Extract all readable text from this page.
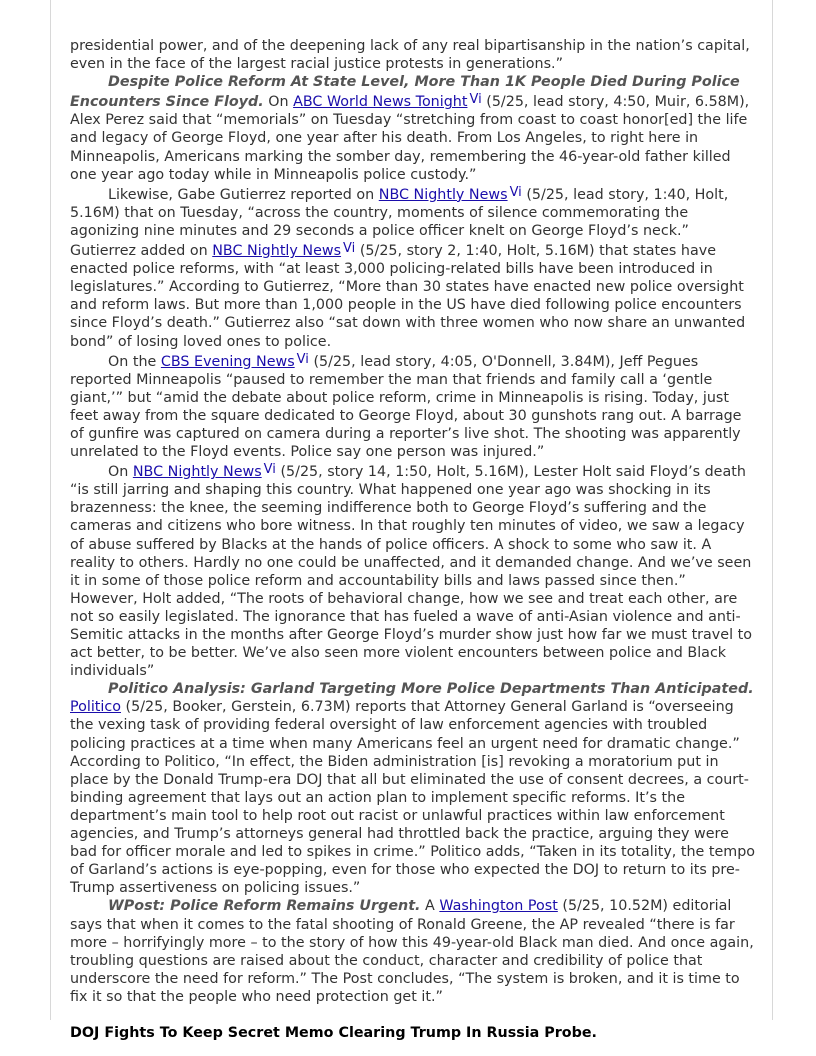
presidential power, and of the deepening lack of any real bipartisanship in the nation’s capital, even in the face of the largest racial justice protests in generations.”

Despite Police Reform At State Level, More Than 1K People Died During Police Encounters Since Floyd. On ABC World News Tonight Vi (5/25, lead story, 4:50, Muir, 6.58M), Alex Perez said that “memorials” on Tuesday “stretching from coast to coast honor[ed] the life and legacy of George Floyd, one year after his death. From Los Angeles, to right here in Minneapolis, Americans marking the somber day, remembering the 46-year-old father killed one year ago today while in Minneapolis police custody.”

Likewise, Gabe Gutierrez reported on NBC Nightly News Vi (5/25, lead story, 1:40, Holt, 5.16M) that on Tuesday, “across the country, moments of silence commemorating the agonizing nine minutes and 29 seconds a police officer knelt on George Floyd’s neck.” Gutierrez added on NBC Nightly News Vi (5/25, story 2, 1:40, Holt, 5.16M) that states have enacted police reforms, with “at least 3,000 policing-related bills have been introduced in legislatures.” According to Gutierrez, “More than 30 states have enacted new police oversight and reform laws. But more than 1,000 people in the US have died following police encounters since Floyd’s death.” Gutierrez also “sat down with three women who now share an unwanted bond” of losing loved ones to police.

On the CBS Evening News Vi (5/25, lead story, 4:05, O'Donnell, 3.84M), Jeff Pegues reported Minneapolis “paused to remember the man that friends and family call a ‘gentle giant,’” but “amid the debate about police reform, crime in Minneapolis is rising. Today, just feet away from the square dedicated to George Floyd, about 30 gunshots rang out. A barrage of gunfire was captured on camera during a reporter’s live shot. The shooting was apparently unrelated to the Floyd events. Police say one person was injured.”

On NBC Nightly News Vi (5/25, story 14, 1:50, Holt, 5.16M), Lester Holt said Floyd’s death “is still jarring and shaping this country. What happened one year ago was shocking in its brazenness: the knee, the seeming indifference both to George Floyd’s suffering and the cameras and citizens who bore witness. In that roughly ten minutes of video, we saw a legacy of abuse suffered by Blacks at the hands of police officers. A shock to some who saw it. A reality to others. Hardly no one could be unaffected, and it demanded change. And we’ve seen it in some of those police reform and accountability bills and laws passed since then.” However, Holt added, “The roots of behavioral change, how we see and treat each other, are not so easily legislated. The ignorance that has fueled a wave of anti-Asian violence and anti-Semitic attacks in the months after George Floyd’s murder show just how far we must travel to act better, to be better. We’ve also seen more violent encounters between police and Black individuals”

Politico Analysis: Garland Targeting More Police Departments Than Anticipated.
Politico (5/25, Booker, Gerstein, 6.73M) reports that Attorney General Garland is “overseeing the vexing task of providing federal oversight of law enforcement agencies with troubled policing practices at a time when many Americans feel an urgent need for dramatic change.” According to Politico, “In effect, the Biden administration [is] revoking a moratorium put in place by the Donald Trump-era DOJ that all but eliminated the use of consent decrees, a court-binding agreement that lays out an action plan to implement specific reforms. It’s the department’s main tool to help root out racist or unlawful practices within law enforcement agencies, and Trump’s attorneys general had throttled back the practice, arguing they were bad for officer morale and led to spikes in crime.” Politico adds, “Taken in its totality, the tempo of Garland’s actions is eye-popping, even for those who expected the DOJ to return to its pre-Trump assertiveness on policing issues.”

WPost: Police Reform Remains Urgent. A Washington Post (5/25, 10.52M) editorial says that when it comes to the fatal shooting of Ronald Greene, the AP revealed “there is far more – horrifyingly more – to the story of how this 49-year-old Black man died. And once again, troubling questions are raised about the conduct, character and credibility of police that underscore the need for reform.” The Post concludes, “The system is broken, and it is time to fix it so that the people who need protection get it.”

DOJ Fights To Keep Secret Memo Clearing Trump In Russia Probe.
